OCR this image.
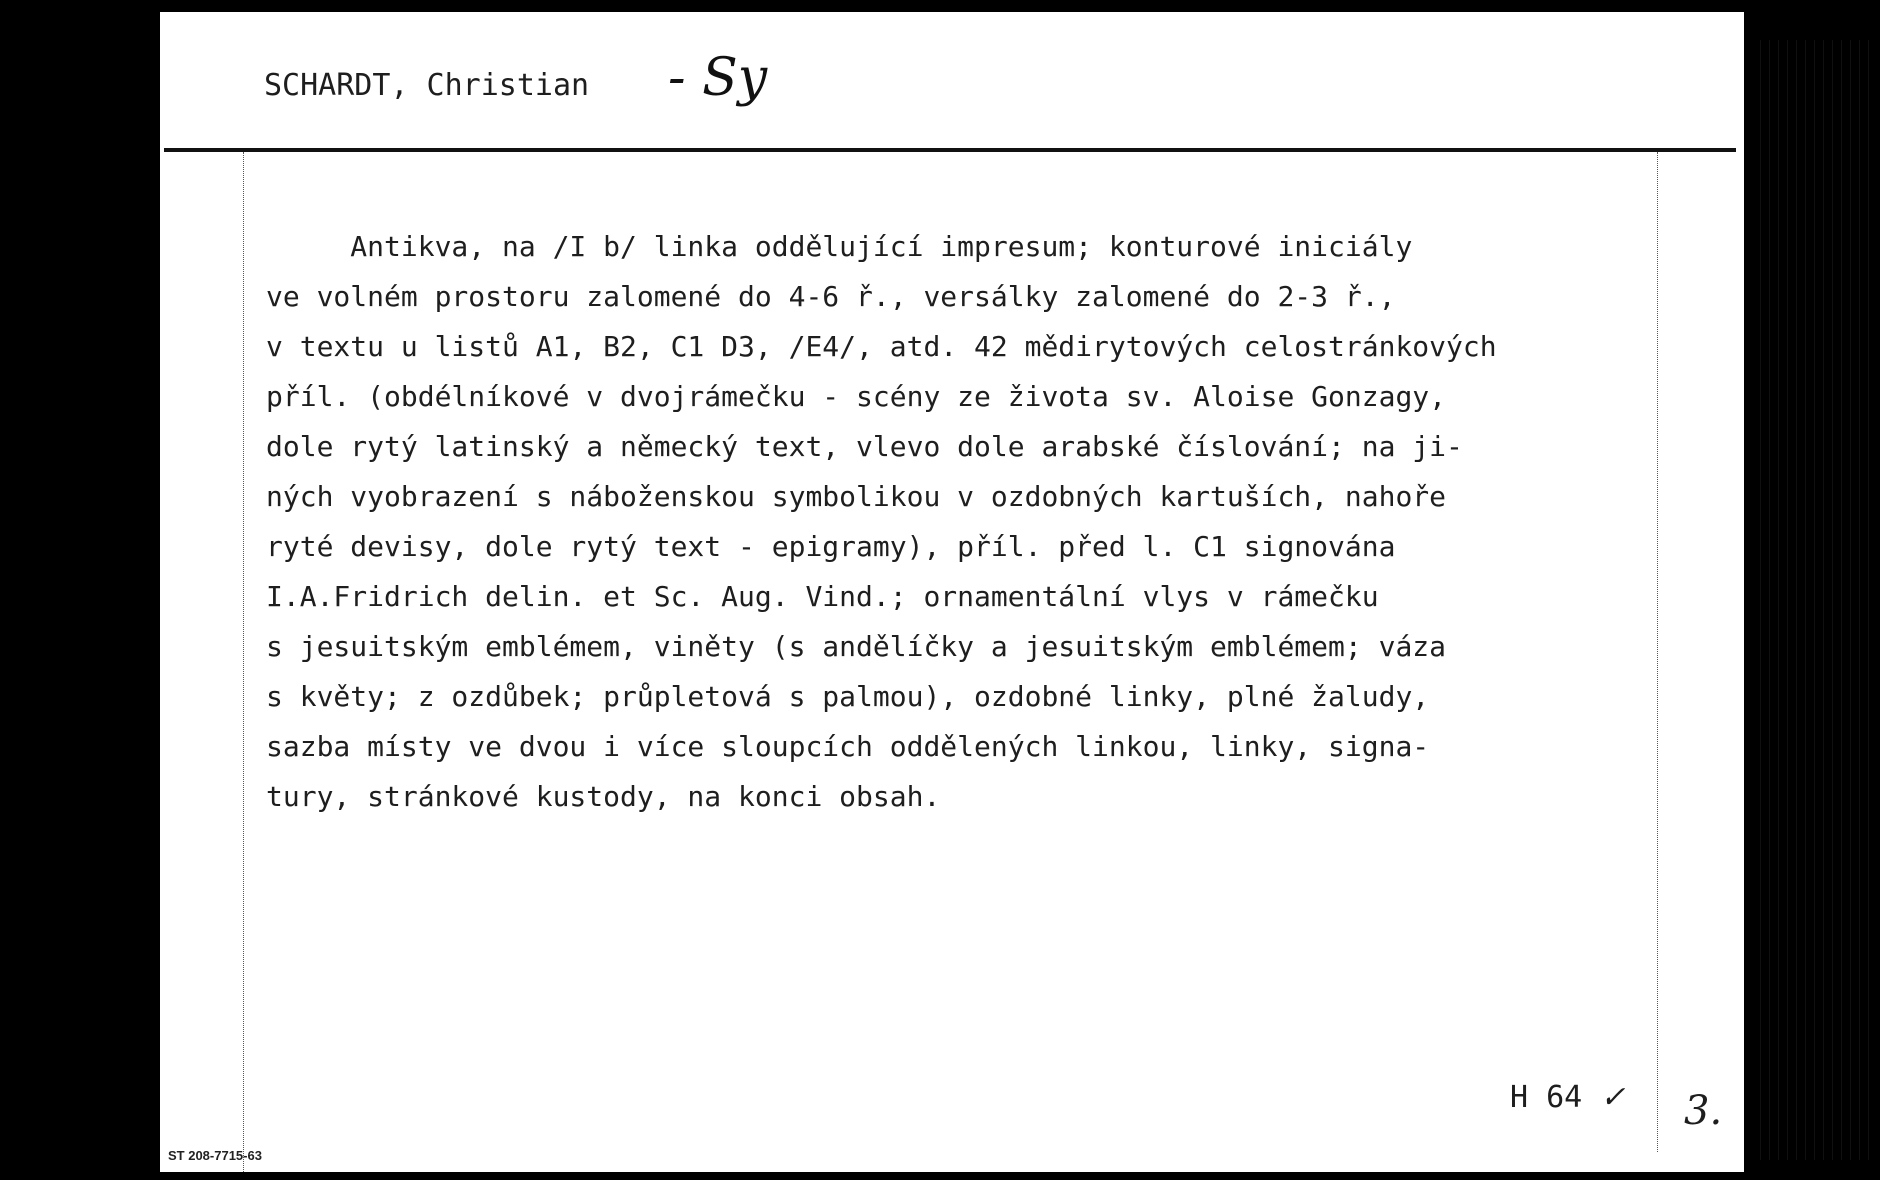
SCHARDT, Christian - Sy
Antikva, na /I b/ linka oddělující impresum; konturové iniciály
ve volném prostoru zalomené do 4-6 ř., versálky zalomené do 2-3 ř.,
v textu u listů A1, B2, C1 D3, /E4/, atd. 42 mědirytových celostránkových
příl. (obdélníkové v dvojrámečku - scény ze života sv. Aloise Gonzagy,
dole rytý latinský a německý text, vlevo dole arabské číslování; na ji-
ných vyobrazení s náboženskou symbolikou v ozdobných kartuších, nahoře
ryté devisy, dole rytý text - epigramy), příl. před l. C1 signována
I.A.Fridrich delin. et Sc. Aug. Vind.; ornamentální vlys v rámečku
s jesuitským emblémem, viněty (s andělíčky a jesuitským emblémem; váza
s květy; z ozdůbek; průpletová s palmou), ozdobné linky, plné žaludy,
sazba místy ve dvou i více sloupcích oddělených linkou, linky, signa-
tury, stránkové kustody, na konci obsah.
H 64 ✓ 3.
ST 208-7715-63
